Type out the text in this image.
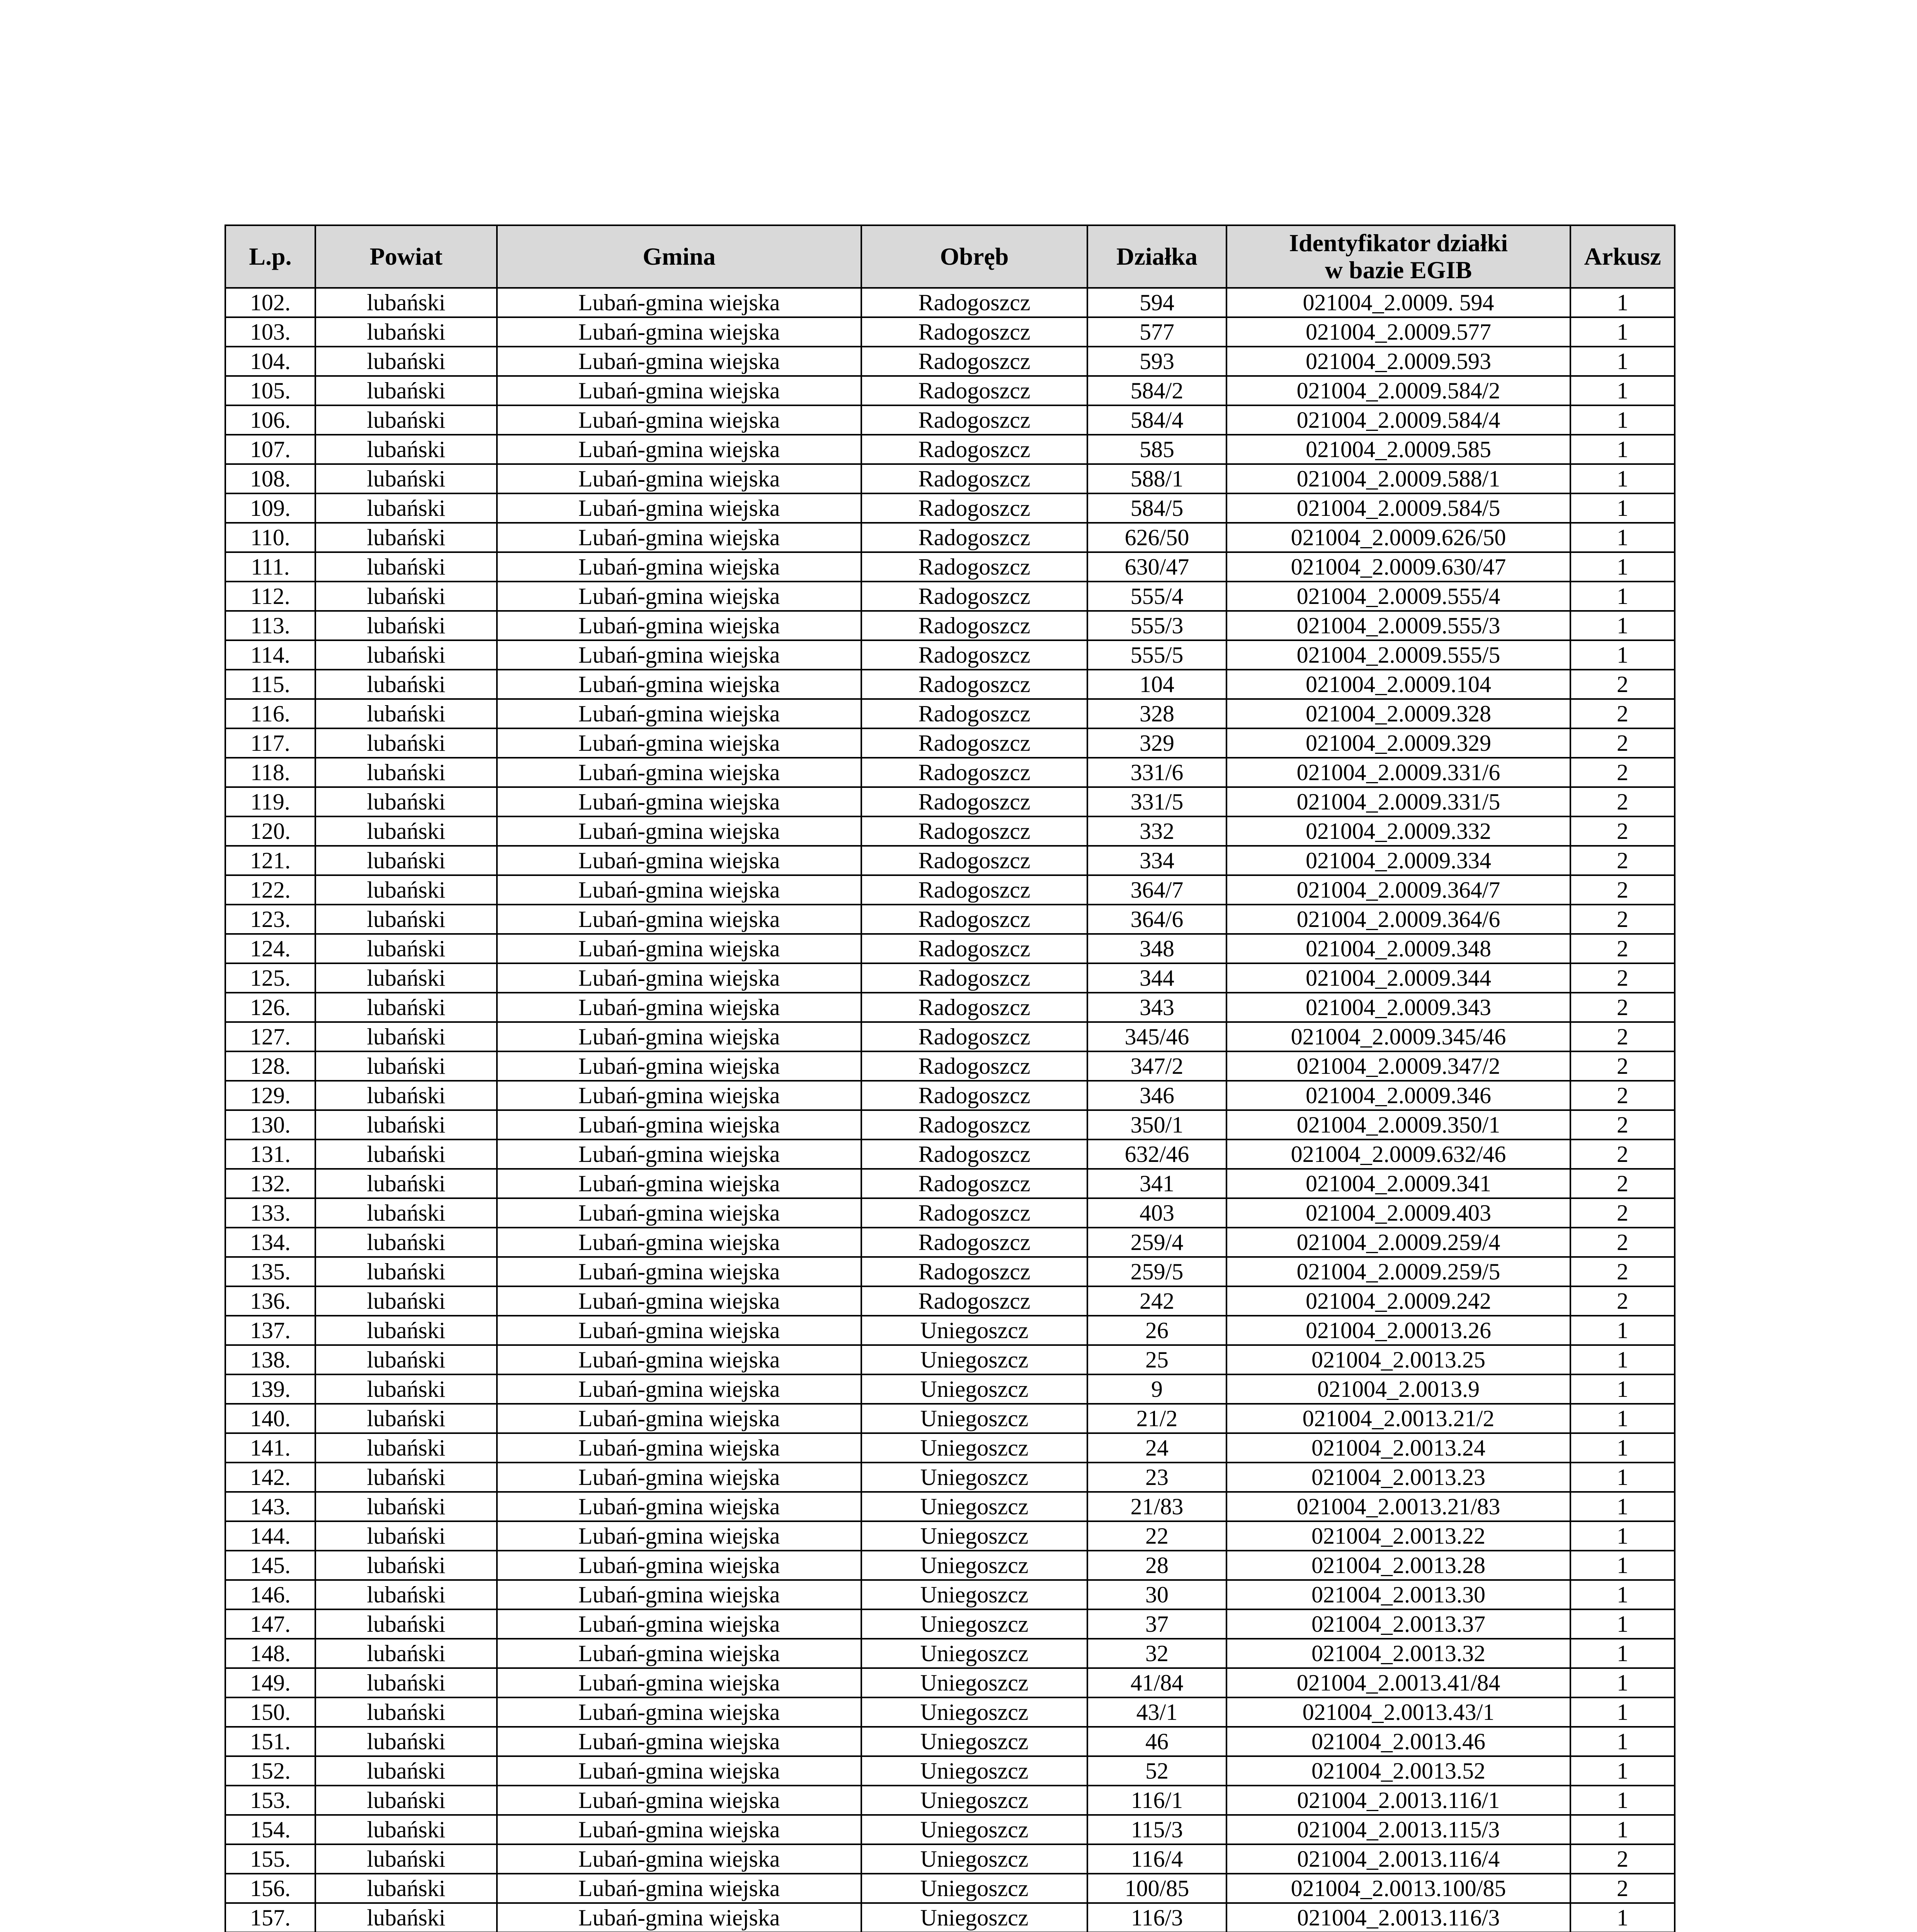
L.p.	Powiat	Gmina	Obręb	Działka	Identyfikator działki
w bazie EGIB	Arkusz
102.	lubański	Lubań-gmina wiejska	Radogoszcz	594	021004_2.0009. 594	1
103.	lubański	Lubań-gmina wiejska	Radogoszcz	577	021004_2.0009.577	1
104.	lubański	Lubań-gmina wiejska	Radogoszcz	593	021004_2.0009.593	1
105.	lubański	Lubań-gmina wiejska	Radogoszcz	584/2	021004_2.0009.584/2	1
106.	lubański	Lubań-gmina wiejska	Radogoszcz	584/4	021004_2.0009.584/4	1
107.	lubański	Lubań-gmina wiejska	Radogoszcz	585	021004_2.0009.585	1
108.	lubański	Lubań-gmina wiejska	Radogoszcz	588/1	021004_2.0009.588/1	1
109.	lubański	Lubań-gmina wiejska	Radogoszcz	584/5	021004_2.0009.584/5	1
110.	lubański	Lubań-gmina wiejska	Radogoszcz	626/50	021004_2.0009.626/50	1
111.	lubański	Lubań-gmina wiejska	Radogoszcz	630/47	021004_2.0009.630/47	1
112.	lubański	Lubań-gmina wiejska	Radogoszcz	555/4	021004_2.0009.555/4	1
113.	lubański	Lubań-gmina wiejska	Radogoszcz	555/3	021004_2.0009.555/3	1
114.	lubański	Lubań-gmina wiejska	Radogoszcz	555/5	021004_2.0009.555/5	1
115.	lubański	Lubań-gmina wiejska	Radogoszcz	104	021004_2.0009.104	2
116.	lubański	Lubań-gmina wiejska	Radogoszcz	328	021004_2.0009.328	2
117.	lubański	Lubań-gmina wiejska	Radogoszcz	329	021004_2.0009.329	2
118.	lubański	Lubań-gmina wiejska	Radogoszcz	331/6	021004_2.0009.331/6	2
119.	lubański	Lubań-gmina wiejska	Radogoszcz	331/5	021004_2.0009.331/5	2
120.	lubański	Lubań-gmina wiejska	Radogoszcz	332	021004_2.0009.332	2
121.	lubański	Lubań-gmina wiejska	Radogoszcz	334	021004_2.0009.334	2
122.	lubański	Lubań-gmina wiejska	Radogoszcz	364/7	021004_2.0009.364/7	2
123.	lubański	Lubań-gmina wiejska	Radogoszcz	364/6	021004_2.0009.364/6	2
124.	lubański	Lubań-gmina wiejska	Radogoszcz	348	021004_2.0009.348	2
125.	lubański	Lubań-gmina wiejska	Radogoszcz	344	021004_2.0009.344	2
126.	lubański	Lubań-gmina wiejska	Radogoszcz	343	021004_2.0009.343	2
127.	lubański	Lubań-gmina wiejska	Radogoszcz	345/46	021004_2.0009.345/46	2
128.	lubański	Lubań-gmina wiejska	Radogoszcz	347/2	021004_2.0009.347/2	2
129.	lubański	Lubań-gmina wiejska	Radogoszcz	346	021004_2.0009.346	2
130.	lubański	Lubań-gmina wiejska	Radogoszcz	350/1	021004_2.0009.350/1	2
131.	lubański	Lubań-gmina wiejska	Radogoszcz	632/46	021004_2.0009.632/46	2
132.	lubański	Lubań-gmina wiejska	Radogoszcz	341	021004_2.0009.341	2
133.	lubański	Lubań-gmina wiejska	Radogoszcz	403	021004_2.0009.403	2
134.	lubański	Lubań-gmina wiejska	Radogoszcz	259/4	021004_2.0009.259/4	2
135.	lubański	Lubań-gmina wiejska	Radogoszcz	259/5	021004_2.0009.259/5	2
136.	lubański	Lubań-gmina wiejska	Radogoszcz	242	021004_2.0009.242	2
137.	lubański	Lubań-gmina wiejska	Uniegoszcz	26	021004_2.00013.26	1
138.	lubański	Lubań-gmina wiejska	Uniegoszcz	25	021004_2.0013.25	1
139.	lubański	Lubań-gmina wiejska	Uniegoszcz	9	021004_2.0013.9	1
140.	lubański	Lubań-gmina wiejska	Uniegoszcz	21/2	021004_2.0013.21/2	1
141.	lubański	Lubań-gmina wiejska	Uniegoszcz	24	021004_2.0013.24	1
142.	lubański	Lubań-gmina wiejska	Uniegoszcz	23	021004_2.0013.23	1
143.	lubański	Lubań-gmina wiejska	Uniegoszcz	21/83	021004_2.0013.21/83	1
144.	lubański	Lubań-gmina wiejska	Uniegoszcz	22	021004_2.0013.22	1
145.	lubański	Lubań-gmina wiejska	Uniegoszcz	28	021004_2.0013.28	1
146.	lubański	Lubań-gmina wiejska	Uniegoszcz	30	021004_2.0013.30	1
147.	lubański	Lubań-gmina wiejska	Uniegoszcz	37	021004_2.0013.37	1
148.	lubański	Lubań-gmina wiejska	Uniegoszcz	32	021004_2.0013.32	1
149.	lubański	Lubań-gmina wiejska	Uniegoszcz	41/84	021004_2.0013.41/84	1
150.	lubański	Lubań-gmina wiejska	Uniegoszcz	43/1	021004_2.0013.43/1	1
151.	lubański	Lubań-gmina wiejska	Uniegoszcz	46	021004_2.0013.46	1
152.	lubański	Lubań-gmina wiejska	Uniegoszcz	52	021004_2.0013.52	1
153.	lubański	Lubań-gmina wiejska	Uniegoszcz	116/1	021004_2.0013.116/1	1
154.	lubański	Lubań-gmina wiejska	Uniegoszcz	115/3	021004_2.0013.115/3	1
155.	lubański	Lubań-gmina wiejska	Uniegoszcz	116/4	021004_2.0013.116/4	2
156.	lubański	Lubań-gmina wiejska	Uniegoszcz	100/85	021004_2.0013.100/85	2
157.	lubański	Lubań-gmina wiejska	Uniegoszcz	116/3	021004_2.0013.116/3	1
